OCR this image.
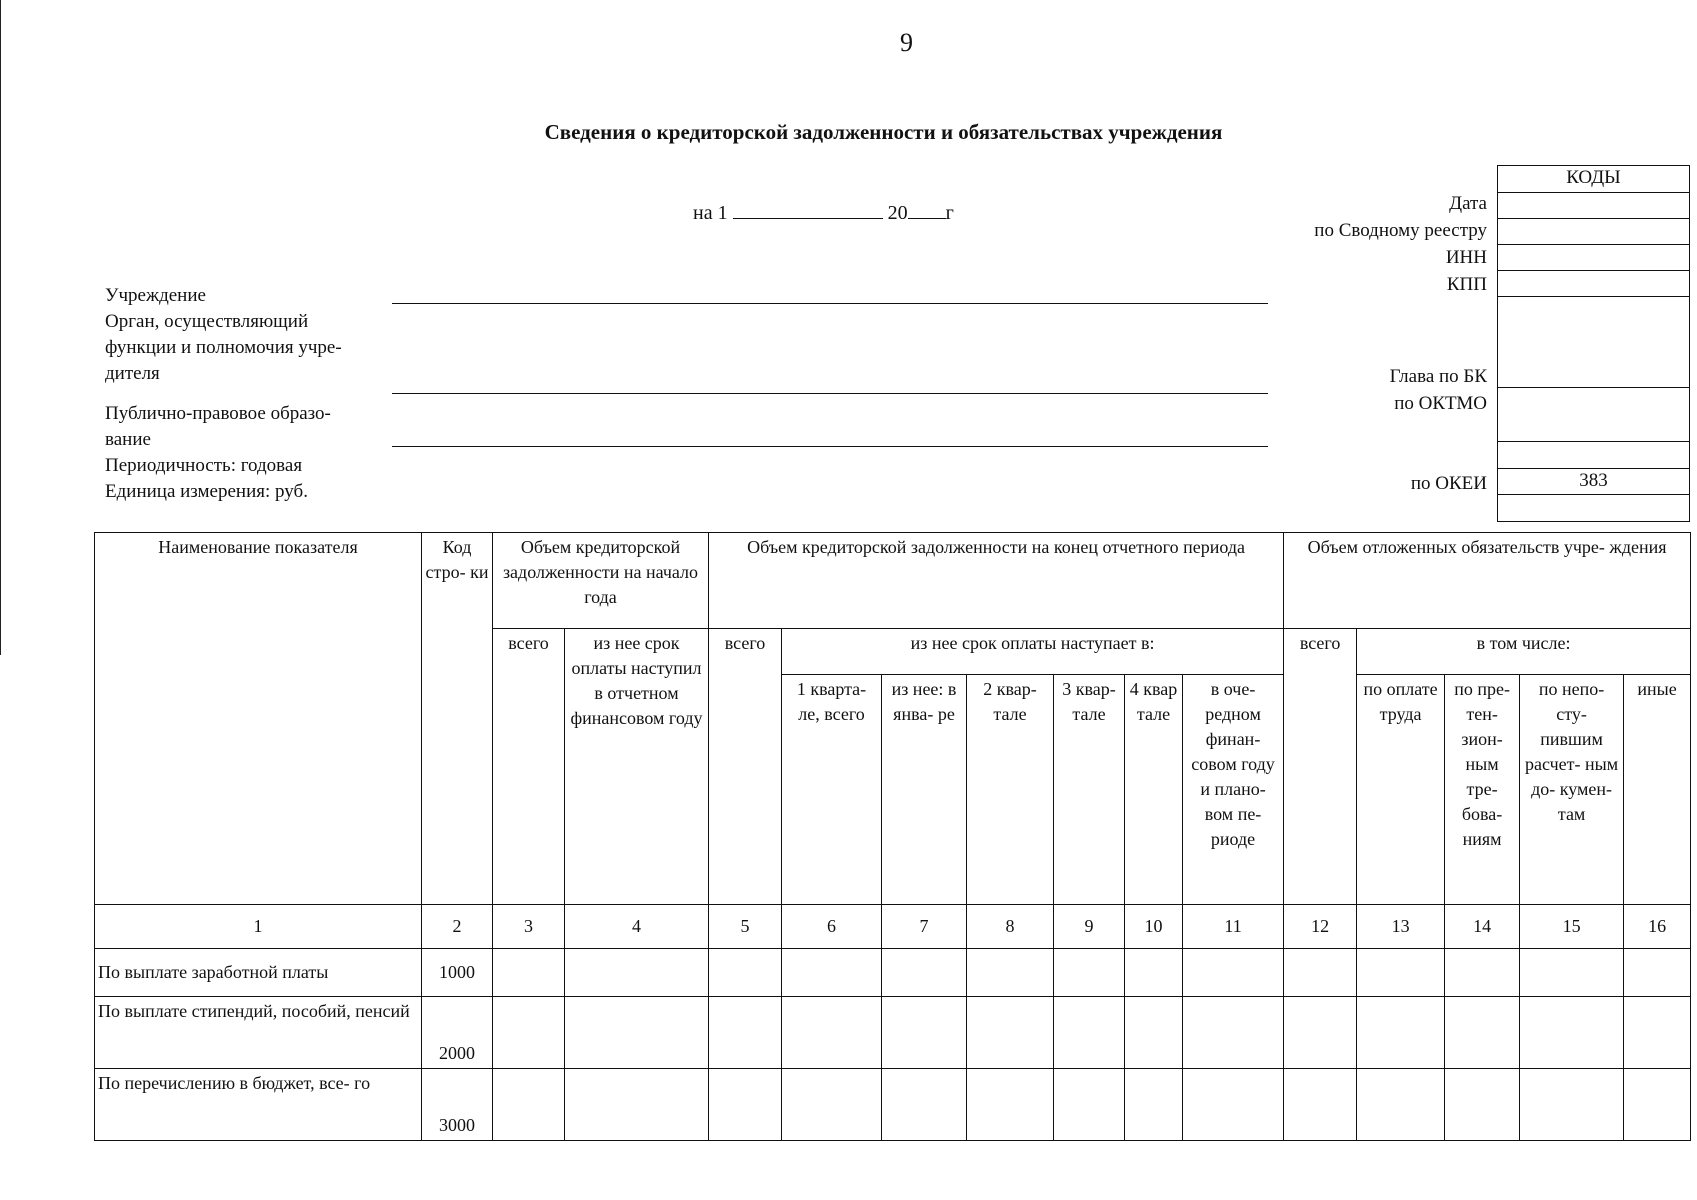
9
Сведения о кредиторской задолженности и обязательствах учреждения
на 1	20 г
Учреждение
Орган, осуществляющий
функции и полномочия учре-
дителя
Публично-правовое образо-
вание
Периодичность: годовая
Единица измерения: руб.
Дата
по Сводному реестру
ИНН
КПП
Глава по БК
по ОКТМО
по ОКЕИ
КОДЫ
383
Наименование показателя	Код стро- ки	Объем кредиторской задолженности на начало года		Объем кредиторской задолженности на конец отчетного периода							Объем отложенных обязательств учре- ждения				
		всего	из нее срок оплаты наступил в отчетном финансовом году	всего	из нее срок оплаты наступает в:						всего	в том числе:			
					1 кварта- ле, всего	из нее: в янва- ре	2 квар- тале	3 квар- тале	4 квар тале	в оче- редном финан- совом году и плано- вом пе- риоде		по оплате труда	по пре- тен- зион- ным тре- бова- ниям	по непо- сту- пившим расчет- ным до- кумен- там	иные
1	2	3	4	5	6	7	8	9	10	11	12	13	14	15	16
По выплате заработной платы	1000														
По выплате стипендий, пособий, пенсий	2000														
По перечислению в бюджет, все- го	3000														
